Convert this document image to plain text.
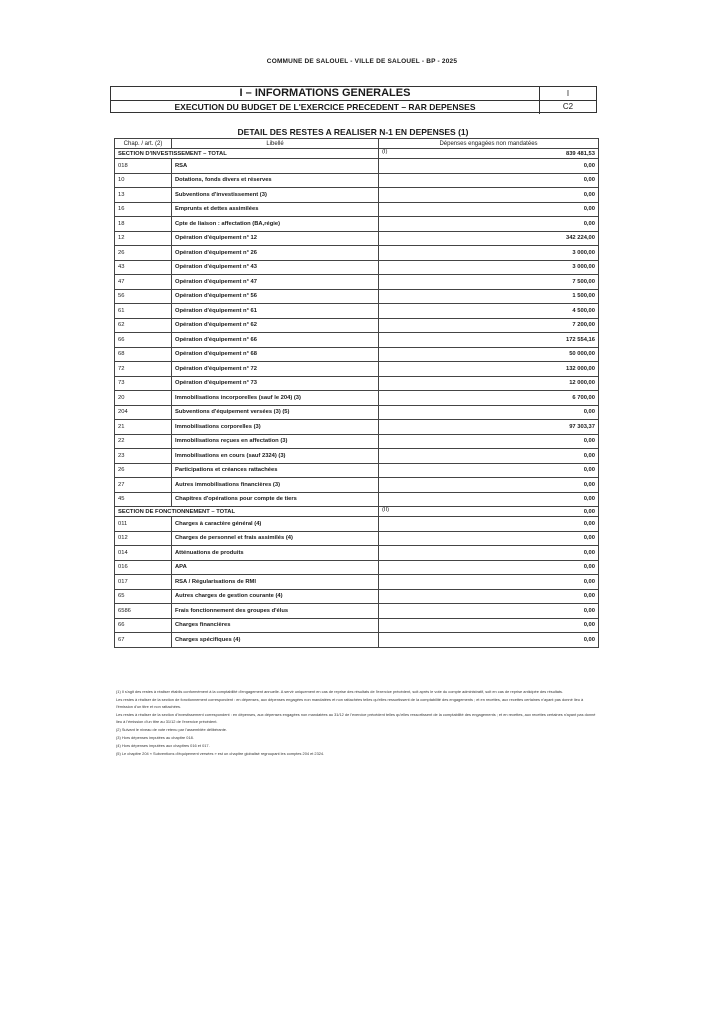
COMMUNE DE SALOUEL - VILLE DE SALOUEL - BP - 2025
I – INFORMATIONS GENERALES	I
EXECUTION DU BUDGET DE L'EXERCICE PRECEDENT – RAR DEPENSES	C2
DETAIL DES RESTES A REALISER N-1 EN DEPENSES (1)
Chap. / art. (2)	Libellé	Dépenses engagées non mandatées
SECTION D'INVESTISSEMENT – TOTAL		(I) 839 481,53
018	RSA	0,00
10	Dotations, fonds divers et réserves	0,00
13	Subventions d'investissement (3)	0,00
16	Emprunts et dettes assimilées	0,00
18	Cpte de liaison : affectation (BA,régie)	0,00
12	Opération d'équipement n° 12	342 224,00
26	Opération d'équipement n° 26	3 000,00
43	Opération d'équipement n° 43	3 000,00
47	Opération d'équipement n° 47	7 500,00
56	Opération d'équipement n° 56	1 500,00
61	Opération d'équipement n° 61	4 500,00
62	Opération d'équipement n° 62	7 200,00
66	Opération d'équipement n° 66	172 554,16
68	Opération d'équipement n° 68	50 000,00
72	Opération d'équipement n° 72	132 000,00
73	Opération d'équipement n° 73	12 000,00
20	Immobilisations incorporelles (sauf le 204) (3)	6 700,00
204	Subventions d'équipement versées (3) (5)	0,00
21	Immobilisations corporelles (3)	97 303,37
22	Immobilisations reçues en affectation (3)	0,00
23	Immobilisations en cours (sauf 2324) (3)	0,00
26	Participations et créances rattachées	0,00
27	Autres immobilisations financières (3)	0,00
45	Chapitres d'opérations pour compte de tiers	0,00
SECTION DE FONCTIONNEMENT – TOTAL		(II) 0,00
011	Charges à caractère général (4)	0,00
012	Charges de personnel et frais assimilés (4)	0,00
014	Atténuations de produits	0,00
016	APA	0,00
017	RSA / Régularisations de RMI	0,00
65	Autres charges de gestion courante (4)	0,00
6586	Frais fonctionnement des groupes d'élus	0,00
66	Charges financières	0,00
67	Charges spécifiques (4)	0,00

(1) Il s'agit des restes à réaliser établis conformément à la comptabilité d'engagement annuelle. A servir uniquement en cas de reprise des résultats de l'exercice précédent, soit après le vote du compte administratif, soit en cas de reprise anticipée des résultats.

Les restes à réaliser de la section de fonctionnement correspondent : en dépenses, aux dépenses engagées non mandatées et non rattachées telles qu'elles ressortissent de la comptabilité des engagements ; et en recettes, aux recettes certaines n'ayant pas donné lieu à l'émission d'un titre et non rattachées.

Les restes à réaliser de la section d'investissement correspondent : en dépenses, aux dépenses engagées non mandatées au 31/12 de l'exercice précédent telles qu'elles ressortissent de la comptabilité des engagements ; et en recettes, aux recettes certaines n'ayant pas donné lieu à l'émission d'un titre au 31/12 de l'exercice précédent.

(2) Suivant le niveau de vote retenu par l'assemblée délibérante.

(3) Hors dépenses imputées au chapitre 018.

(4) Hors dépenses imputées aux chapitres 016 et 017.

(5) Le chapitre 204 « Subventions d'équipement versées » est un chapitre globalisé regroupant les comptes 204 et 2324.
